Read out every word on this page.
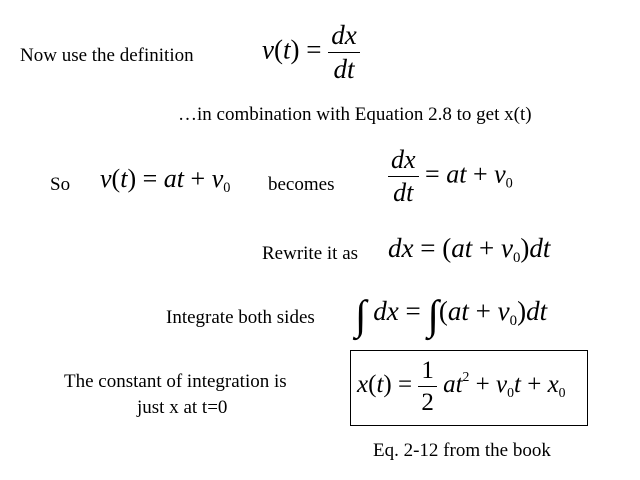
Now use the definition	$v(t) = \frac{dx}{dt}$
…in combination with Equation 2.8 to get x(t)
So v(t) = at + $v_0$ becomes $\frac{dx}{dt}$ = at + $v_0$
Rewrite it as dx = $(at + v_0)dt$
Integrate both sides ∫ dx = $\int(at + v_0)dt$
The constant of integration is
just x at t=0
$x(t) = \frac{1}{2} at^2 + v_0t + x_0$
Eq. 2-12 from the book
